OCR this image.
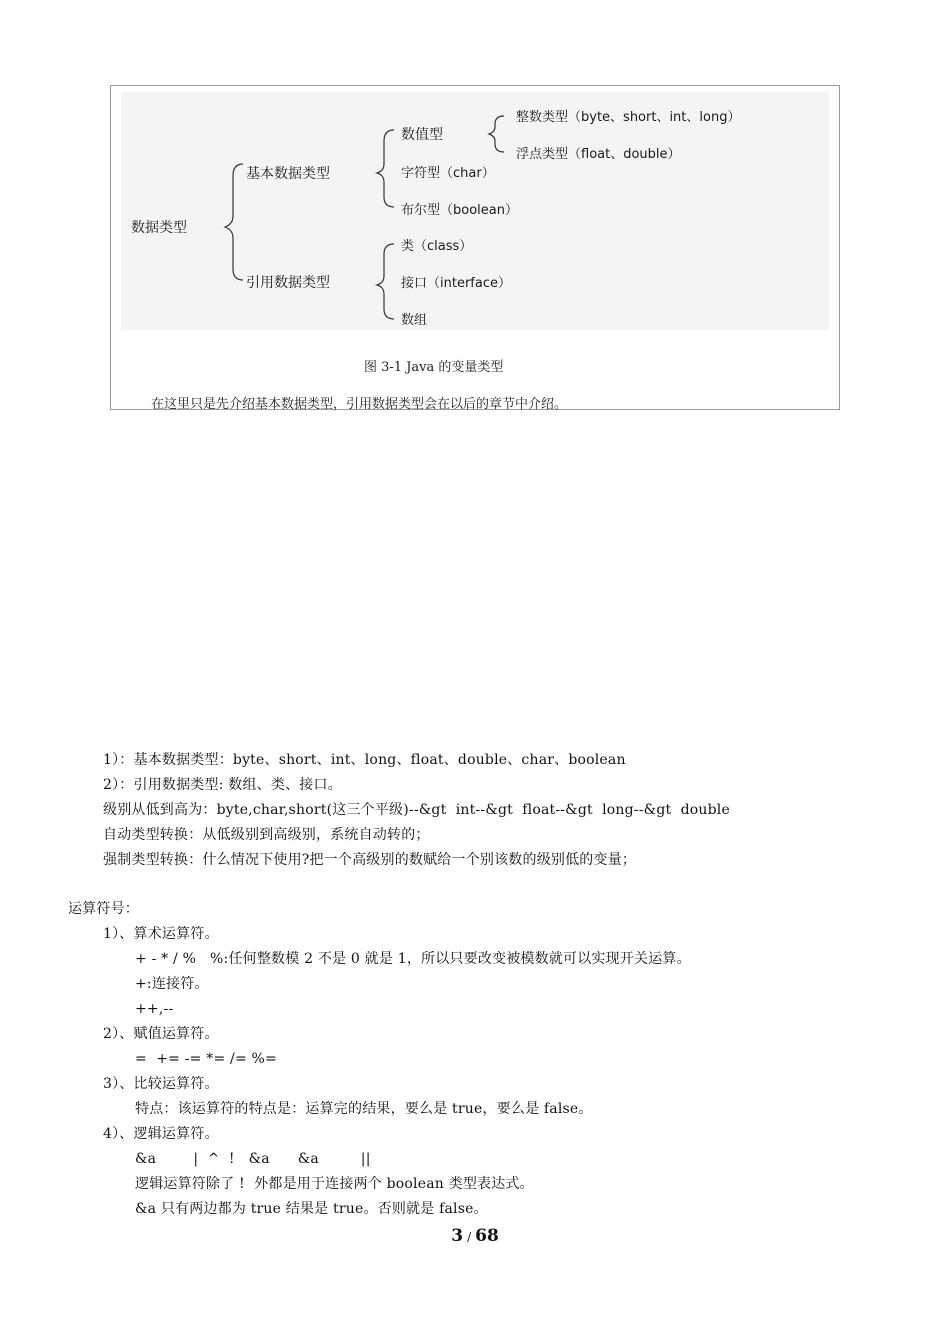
数据类型
基本数据类型
引用数据类型
数值型
整数类型（byte、short、int、long）
浮点类型（float、double）
字符型（char）
布尔型（boolean）
类（class）
接口（interface）
数组
图 3-1 Java 的变量类型
在这里只是先介绍基本数据类型，引用数据类型会在以后的章节中介绍。
1）：基本数据类型：byte、short、int、long、float、double、char、boolean
2）：引用数据类型: 数组、类、接口。
级别从低到高为：byte,char,short(这三个平级)--&gt  int--&gt  float--&gt  long--&gt  double
自动类型转换：从低级别到高级别，系统自动转的；
强制类型转换：什么情况下使用?把一个高级别的数赋给一个别该数的级别低的变量；
运算符号：
1）、算术运算符。
+ - * / %   %:任何整数模 2 不是 0 就是 1，所以只要改变被模数就可以实现开关运算。
+:连接符。
++,--
2）、赋值运算符。
=  += -= *= /= %=
3）、比较运算符。
特点：该运算符的特点是：运算完的结果，要么是 true，要么是 false。
4）、逻辑运算符。
&a        |  ^  !   &a      &a         ||
逻辑运算符除了 !  外都是用于连接两个 boolean 类型表达式。
&a 只有两边都为 true 结果是 true。否则就是 false。
3 / 68
